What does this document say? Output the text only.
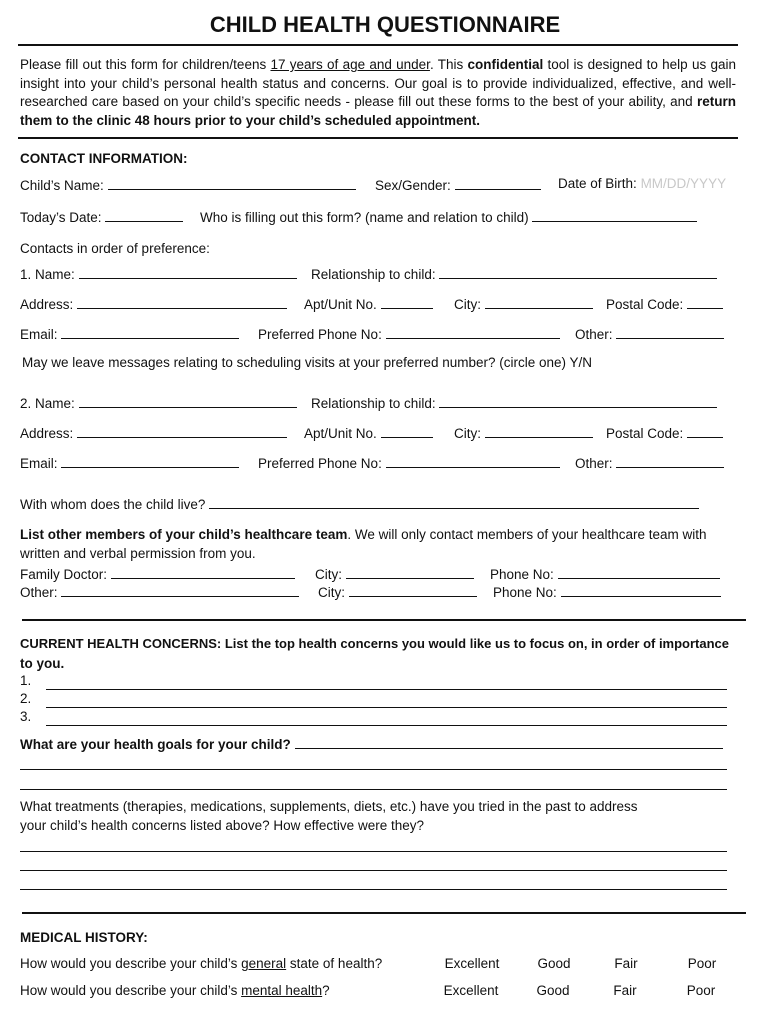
CHILD HEALTH QUESTIONNAIRE
Please fill out this form for children/teens 17 years of age and under. This confidential tool is designed to help us gain insight into your child’s personal health status and concerns. Our goal is to provide individualized, effective, and well-researched care based on your child’s specific needs - please fill out these forms to the best of your ability, and return them to the clinic 48 hours prior to your child’s scheduled appointment.
CONTACT INFORMATION:
Child’s Name:	Sex/Gender:	Date of Birth: MM/DD/YYYY
Today’s Date:	Who is filling out this form? (name and relation to child)
Contacts in order of preference:
1. Name:	Relationship to child:
Address:	Apt/Unit No.	City:	Postal Code:
Email:	Preferred Phone No:	Other:
May we leave messages relating to scheduling visits at your preferred number? (circle one) Y/N
2. Name:	Relationship to child:
Address:	Apt/Unit No.	City:	Postal Code:
Email:	Preferred Phone No:	Other:
With whom does the child live?
List other members of your child’s healthcare team. We will only contact members of your healthcare team with
written and verbal permission from you.
Family Doctor:	City:	Phone No:
Other:	City:	Phone No:
CURRENT HEALTH CONCERNS: List the top health concerns you would like us to focus on, in order of importance
to you.
1.
2.
3.
What are your health goals for your child?
What treatments (therapies, medications, supplements, diets, etc.) have you tried in the past to address
your child’s health concerns listed above? How effective were they?
MEDICAL HISTORY:
How would you describe your child’s general state of health?	Excellent	Good	Fair	Poor
How would you describe your child’s mental health?	Excellent	Good	Fair	Poor
